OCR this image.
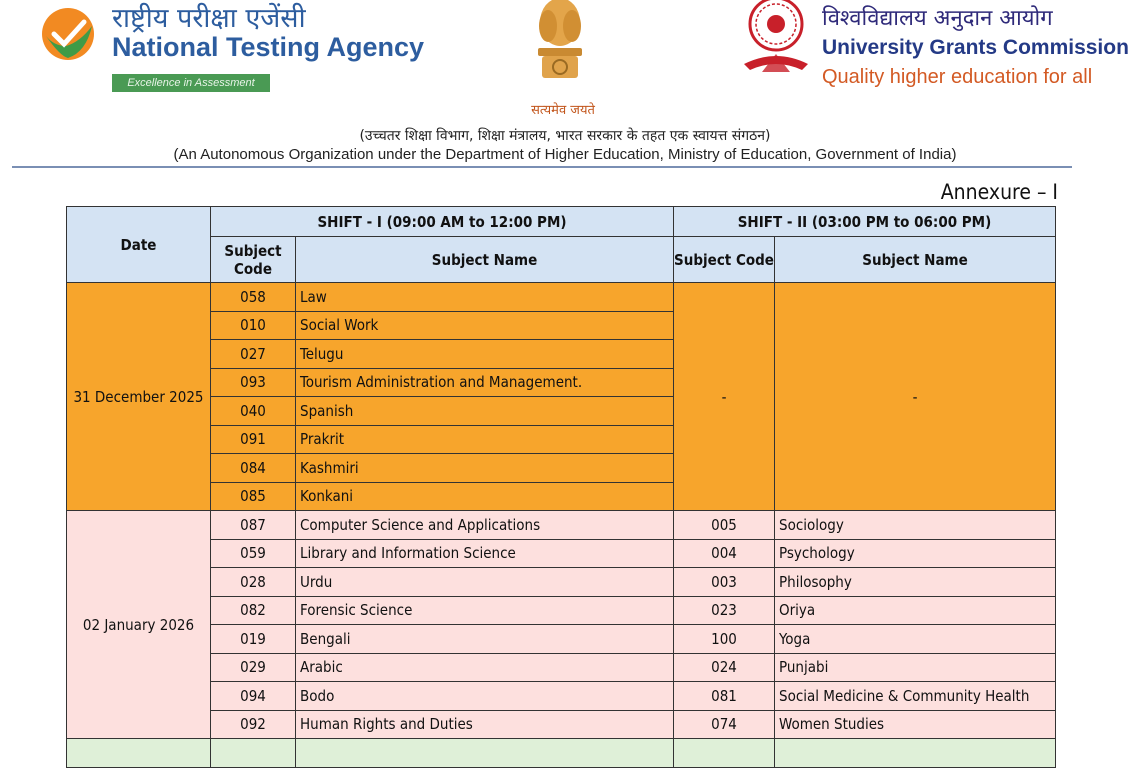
राष्ट्रीय परीक्षा एजेंसी
National Testing Agency
Excellence in Assessment
सत्यमेव जयते
विश्वविद्यालय अनुदान आयोग
University Grants Commission
Quality higher education for all
(उच्चतर शिक्षा विभाग, शिक्षा मंत्रालय, भारत सरकार के तहत एक स्वायत्त संगठन)
(An Autonomous Organization under the Department of Higher Education, Ministry of Education, Government of India)
Annexure – I
Date	SHIFT - I (09:00 AM to 12:00 PM)		SHIFT - II (03:00 PM to 06:00 PM)	
	Subject
Code	Subject Name	Subject Code	Subject Name
31 December 2025	058	Law	-	-
	010	Social Work		
	027	Telugu		
	093	Tourism Administration and Management.		
	040	Spanish		
	091	Prakrit		
	084	Kashmiri		
	085	Konkani		
02 January 2026	087	Computer Science and Applications	005	Sociology
	059	Library and Information Science	004	Psychology
	028	Urdu	003	Philosophy
	082	Forensic Science	023	Oriya
	019	Bengali	100	Yoga
	029	Arabic	024	Punjabi
	094	Bodo	081	Social Medicine & Community Health
	092	Human Rights and Duties	074	Women Studies
